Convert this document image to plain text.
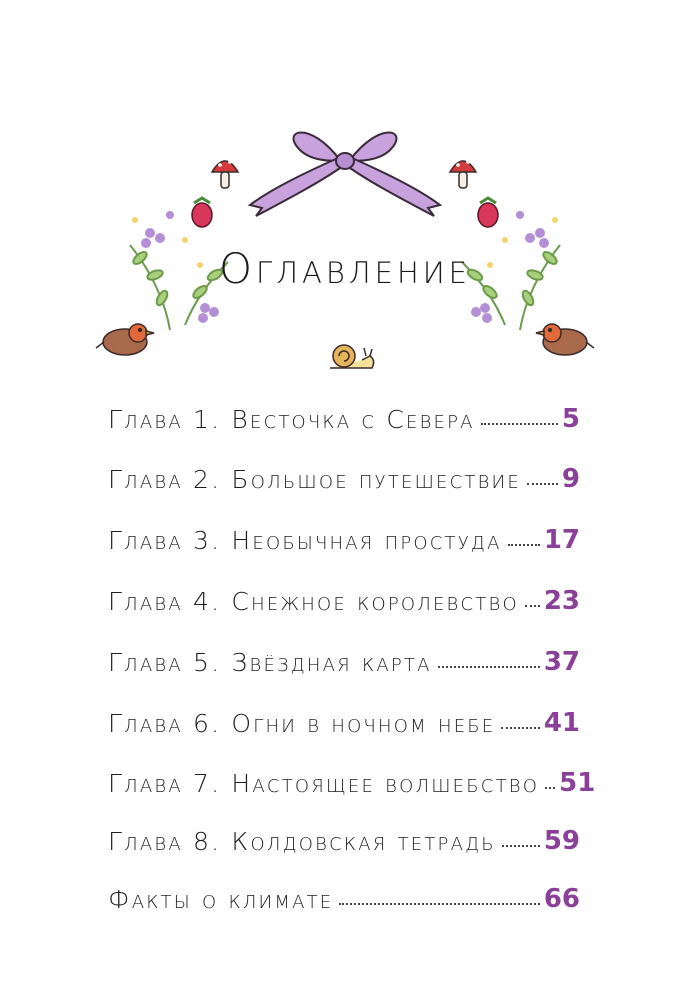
Оглавление
Глава 1. Весточка с Севера	5
Глава 2. Большое путешествие 9
Глава 3. Необычная простуда 17
Глава 4. Снежное королевство 23
Глава 5. Звёздная карта	37
Глава 6. Огни в ночном небе 41
Глава 7. Настоящее волшебство 51
Глава 8. Колдовская тетрадь 59
Факты о климате	66
